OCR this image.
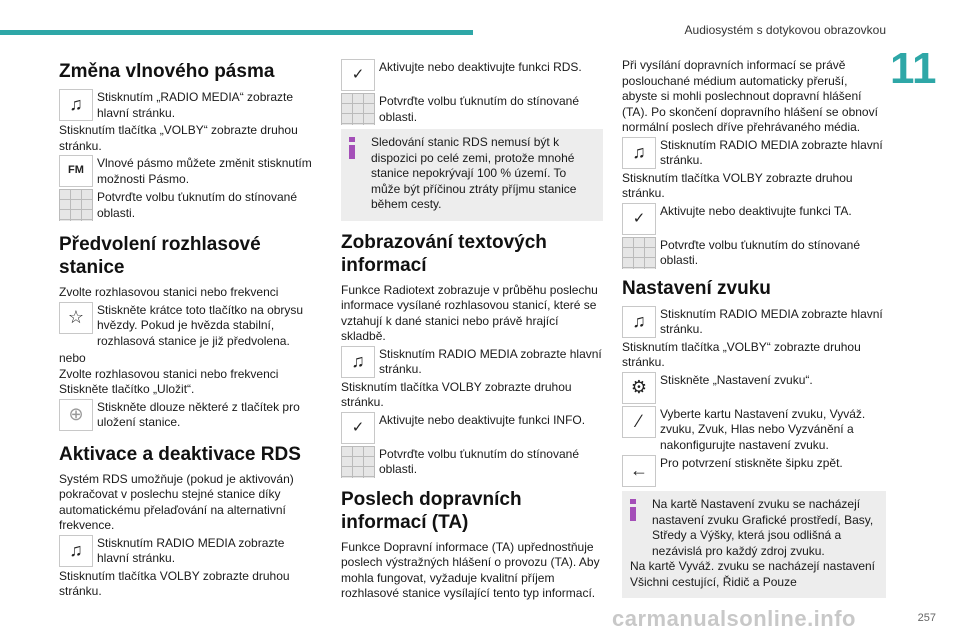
Audiosystém s dotykovou obrazovkou
11
Změna vlnového pásma
♫	Stisknutím „RADIO MEDIA“ zobrazte hlavní stránku.

Stisknutím tlačítka „VOLBY“ zobrazte druhou stránku.

FM
Vlnové pásmo můžete změnit stisknutím možnosti Pásmo.
Potvrďte volbu ťuknutím do stínované oblasti.
Předvolení rozhlasové stanice

Zvolte rozhlasovou stanici nebo frekvenci

☆	Stiskněte krátce toto tlačítko na obrysu hvězdy. Pokud je hvězda stabilní, rozhlasová stanice je již předvolena.

nebo

Zvolte rozhlasovou stanici nebo frekvenci

Stiskněte tlačítko „Uložit“.

⊕	Stiskněte dlouze některé z tlačítek pro uložení stanice.
Aktivace a deaktivace RDS

Systém RDS umožňuje (pokud je aktivován) pokračovat v poslechu stejné stanice díky automatickému přelaďování na alternativní frekvence.

♫	Stisknutím RADIO MEDIA zobrazte hlavní stránku.

Stisknutím tlačítka VOLBY zobrazte druhou stránku.

✓	Aktivujte nebo deaktivujte funkci RDS.
Potvrďte volbu ťuknutím do stínované oblasti.

Sledování stanic RDS nemusí být k dispozici po celé zemi, protože mnohé stanice nepokrývají 100 % území. To může být příčinou ztráty příjmu stanice během cesty.

Zobrazování textových informací

Funkce Radiotext zobrazuje v průběhu poslechu informace vysílané rozhlasovou stanicí, které se vztahují k dané stanici nebo právě hrající skladbě.

♫	Stisknutím RADIO MEDIA zobrazte hlavní stránku.

Stisknutím tlačítka VOLBY zobrazte druhou stránku.

✓	Aktivujte nebo deaktivujte funkci INFO.
Potvrďte volbu ťuknutím do stínované oblasti.
Poslech dopravních informací (TA)

Funkce Dopravní informace (TA) upřednostňuje poslech výstražných hlášení o provozu (TA). Aby mohla fungovat, vyžaduje kvalitní příjem rozhlasové stanice vysílající tento typ informací.

Při vysílání dopravních informací se právě poslouchané médium automaticky přeruší, abyste si mohli poslechnout dopravní hlášení (TA). Po skončení dopravního hlášení se obnoví normální poslech dříve přehrávaného média.

♫	Stisknutím RADIO MEDIA zobrazte hlavní stránku.

Stisknutím tlačítka VOLBY zobrazte druhou stránku.

✓	Aktivujte nebo deaktivujte funkci TA.
Potvrďte volbu ťuknutím do stínované oblasti.
Nastavení zvuku
♫	Stisknutím RADIO MEDIA zobrazte hlavní stránku.

Stisknutím tlačítka „VOLBY“ zobrazte druhou stránku.

⚙	Stiskněte „Nastavení zvuku“.
∕	Vyberte kartu Nastavení zvuku, Vyváž. zvuku, Zvuk, Hlas nebo Vyzvánění a nakonfigurujte nastavení zvuku.
←	Pro potvrzení stiskněte šipku zpět.

Na kartě Nastavení zvuku se nacházejí nastavení zvuku Grafické prostředí, Basy, Středy a Výšky, která jsou odlišná a nezávislá pro každý zdroj zvuku.

Na kartě Vyváž. zvuku se nacházejí nastavení Všichni cestující, Řidič a Pouze

carmanualsonline.info	257
